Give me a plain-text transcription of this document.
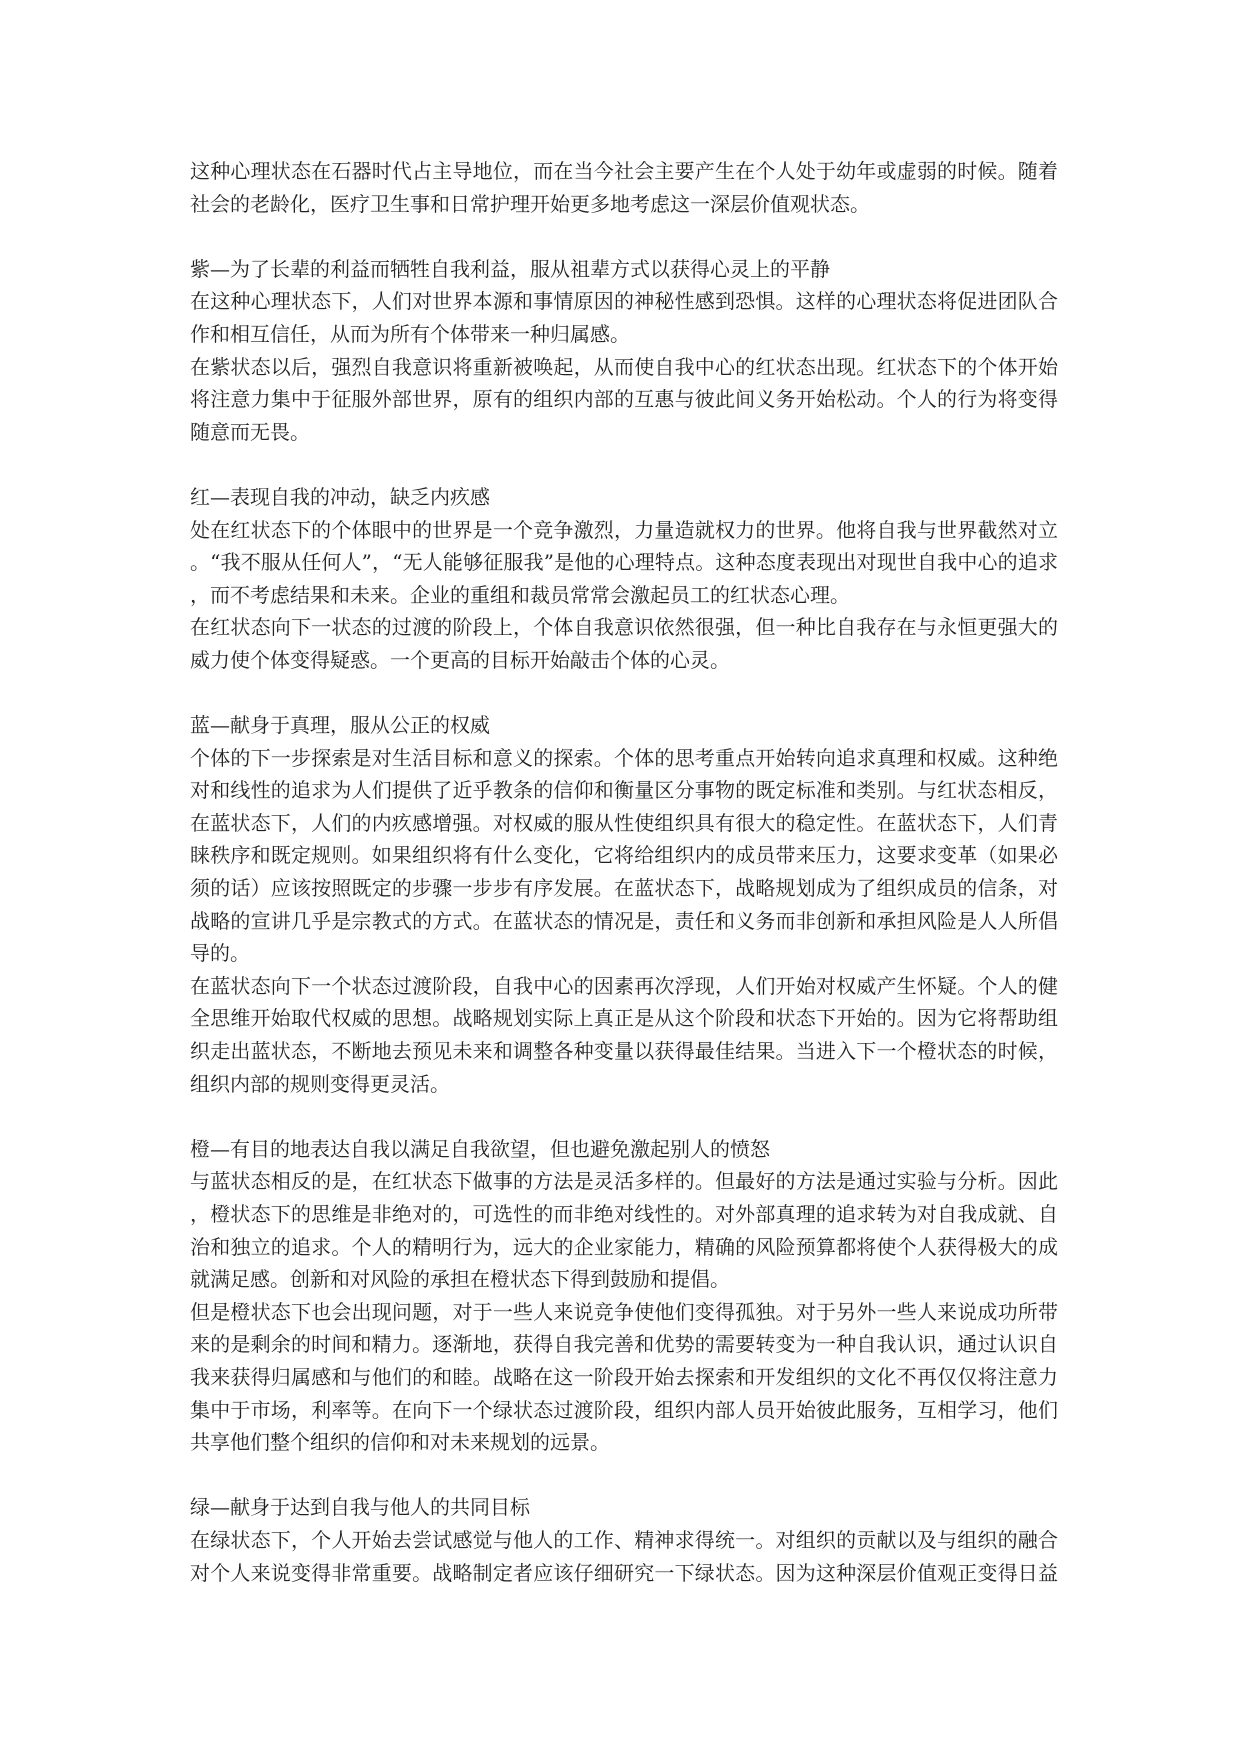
这种心理状态在石器时代占主导地位，而在当今社会主要产生在个人处于幼年或虚弱的时候。随着
社会的老龄化，医疗卫生事和日常护理开始更多地考虑这一深层价值观状态。
紫—为了长辈的利益而牺牲自我利益，服从祖辈方式以获得心灵上的平静
在这种心理状态下，人们对世界本源和事情原因的神秘性感到恐惧。这样的心理状态将促进团队合
作和相互信任，从而为所有个体带来一种归属感。
在紫状态以后，强烈自我意识将重新被唤起，从而使自我中心的红状态出现。红状态下的个体开始
将注意力集中于征服外部世界，原有的组织内部的互惠与彼此间义务开始松动。个人的行为将变得
随意而无畏。
红—表现自我的冲动，缺乏内疚感
处在红状态下的个体眼中的世界是一个竞争激烈，力量造就权力的世界。他将自我与世界截然对立
。“我不服从任何人”，“无人能够征服我”是他的心理特点。这种态度表现出对现世自我中心的追求
，而不考虑结果和未来。企业的重组和裁员常常会激起员工的红状态心理。
在红状态向下一状态的过渡的阶段上，个体自我意识依然很强，但一种比自我存在与永恒更强大的
威力使个体变得疑惑。一个更高的目标开始敲击个体的心灵。
蓝—献身于真理，服从公正的权威
个体的下一步探索是对生活目标和意义的探索。个体的思考重点开始转向追求真理和权威。这种绝
对和线性的追求为人们提供了近乎教条的信仰和衡量区分事物的既定标准和类别。与红状态相反，
在蓝状态下，人们的内疚感增强。对权威的服从性使组织具有很大的稳定性。在蓝状态下，人们青
睐秩序和既定规则。如果组织将有什么变化，它将给组织内的成员带来压力，这要求变革（如果必
须的话）应该按照既定的步骤一步步有序发展。在蓝状态下，战略规划成为了组织成员的信条，对
战略的宣讲几乎是宗教式的方式。在蓝状态的情况是，责任和义务而非创新和承担风险是人人所倡
导的。
在蓝状态向下一个状态过渡阶段，自我中心的因素再次浮现，人们开始对权威产生怀疑。个人的健
全思维开始取代权威的思想。战略规划实际上真正是从这个阶段和状态下开始的。因为它将帮助组
织走出蓝状态，不断地去预见未来和调整各种变量以获得最佳结果。当进入下一个橙状态的时候，
组织内部的规则变得更灵活。
橙—有目的地表达自我以满足自我欲望，但也避免激起别人的愤怒
与蓝状态相反的是，在红状态下做事的方法是灵活多样的。但最好的方法是通过实验与分析。因此
，橙状态下的思维是非绝对的，可选性的而非绝对线性的。对外部真理的追求转为对自我成就、自
治和独立的追求。个人的精明行为，远大的企业家能力，精确的风险预算都将使个人获得极大的成
就满足感。创新和对风险的承担在橙状态下得到鼓励和提倡。
但是橙状态下也会出现问题，对于一些人来说竞争使他们变得孤独。对于另外一些人来说成功所带
来的是剩余的时间和精力。逐渐地，获得自我完善和优势的需要转变为一种自我认识，通过认识自
我来获得归属感和与他们的和睦。战略在这一阶段开始去探索和开发组织的文化不再仅仅将注意力
集中于市场，利率等。在向下一个绿状态过渡阶段，组织内部人员开始彼此服务，互相学习，他们
共享他们整个组织的信仰和对未来规划的远景。
绿—献身于达到自我与他人的共同目标
在绿状态下，个人开始去尝试感觉与他人的工作、精神求得统一。对组织的贡献以及与组织的融合
对个人来说变得非常重要。战略制定者应该仔细研究一下绿状态。因为这种深层价值观正变得日益
